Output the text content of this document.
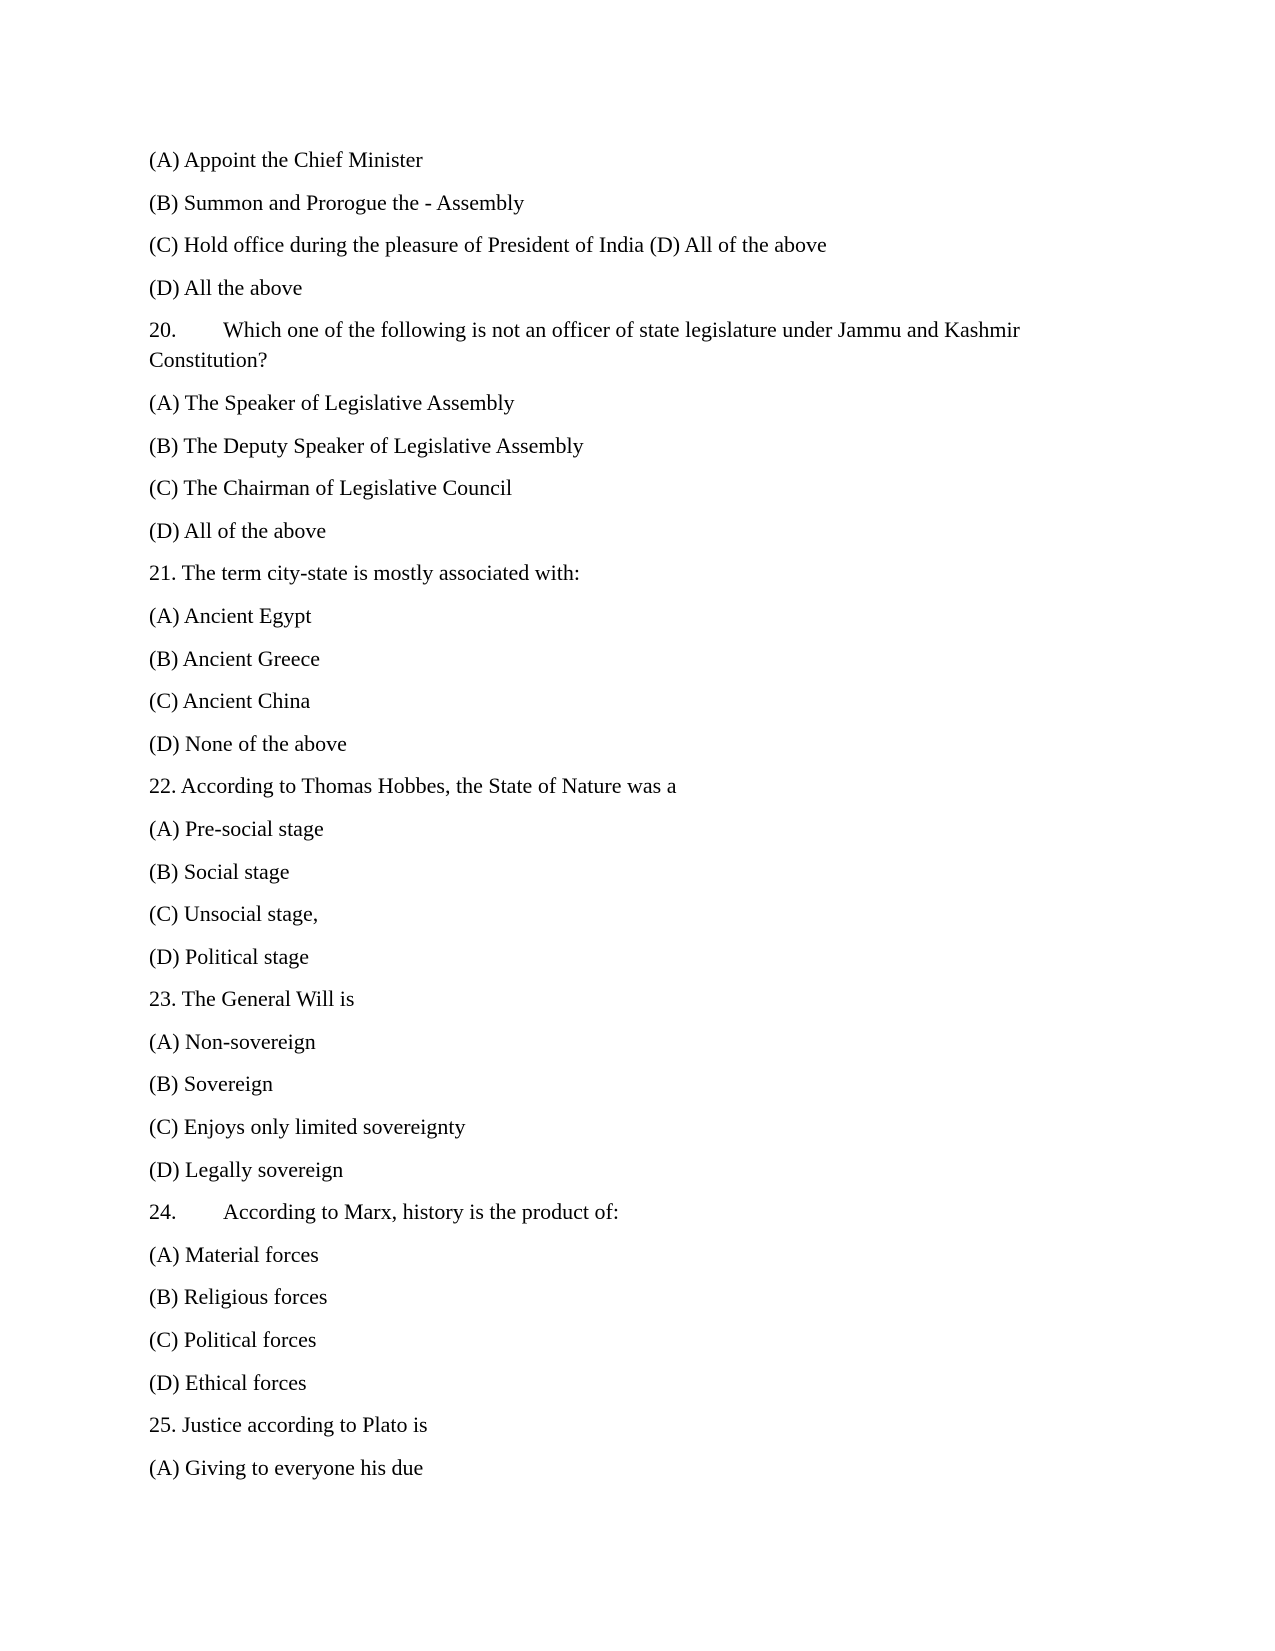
(A) Appoint the Chief Minister
(B) Summon and Prorogue the - Assembly
(C) Hold office during the pleasure of President of India (D) All of the above
(D) All the above
20. Which one of the following is not an officer of state legislature under Jammu and Kashmir
Constitution?
(A) The Speaker of Legislative Assembly
(B) The Deputy Speaker of Legislative Assembly
(C) The Chairman of Legislative Council
(D) All of the above
21. The term city-state is mostly associated with:
(A) Ancient Egypt
(B) Ancient Greece
(C) Ancient China
(D) None of the above
22. According to Thomas Hobbes, the State of Nature was a
(A) Pre-social stage
(B) Social stage
(C) Unsocial stage,
(D) Political stage
23. The General Will is
(A) Non-sovereign
(B) Sovereign
(C) Enjoys only limited sovereignty
(D) Legally sovereign
24. According to Marx, history is the product of:
(A) Material forces
(B) Religious forces
(C) Political forces
(D) Ethical forces
25. Justice according to Plato is
(A) Giving to everyone his due
